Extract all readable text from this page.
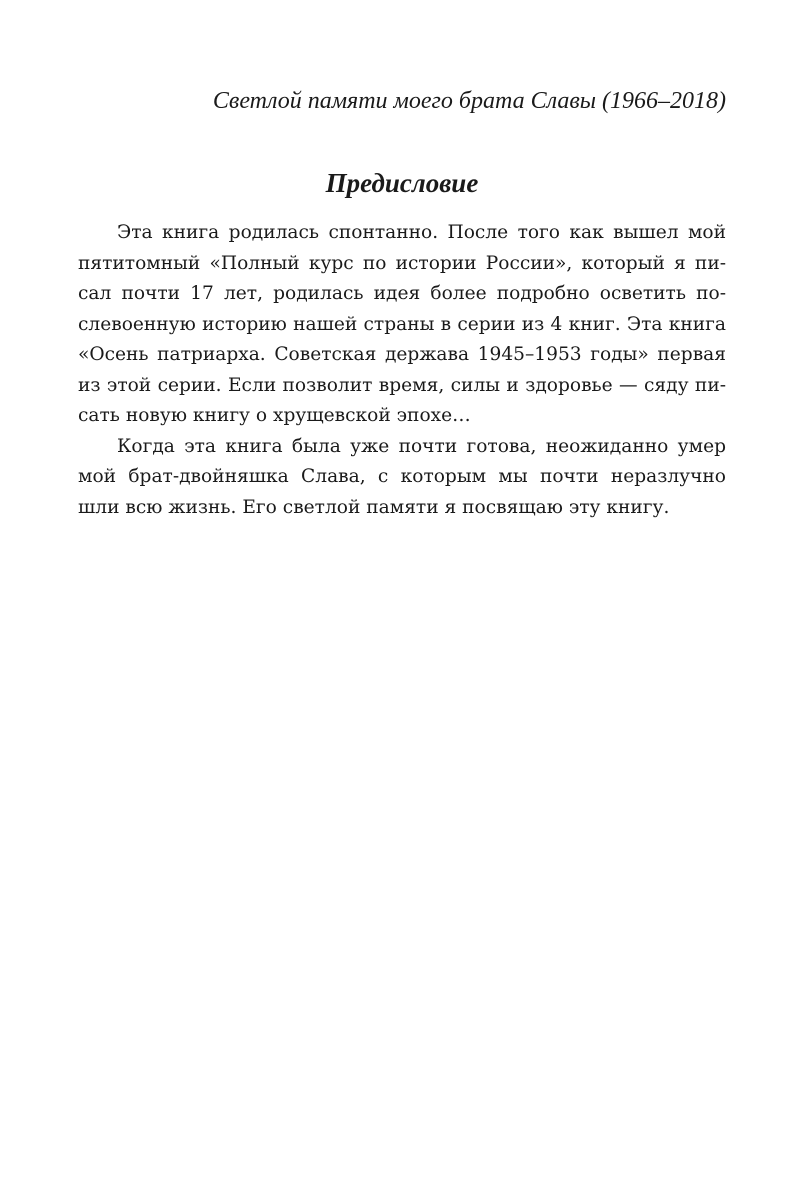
Светлой памяти моего брата Славы (1966–2018)
Предисловие
Эта книга родилась спонтанно. После того как вышел мой
пятитомный «Полный курс по истории России», который я пи-
сал почти 17 лет, родилась идея более подробно осветить по-
слевоенную историю нашей страны в серии из 4 книг. Эта книга
«Осень патриарха. Советская держава 1945–1953 годы» первая
из этой серии. Если позволит время, силы и здоровье — сяду пи-
сать новую книгу о хрущевской эпохе…
Когда эта книга была уже почти готова, неожиданно умер
мой брат-двойняшка Слава, с которым мы почти неразлучно
шли всю жизнь. Его светлой памяти я посвящаю эту книгу.
